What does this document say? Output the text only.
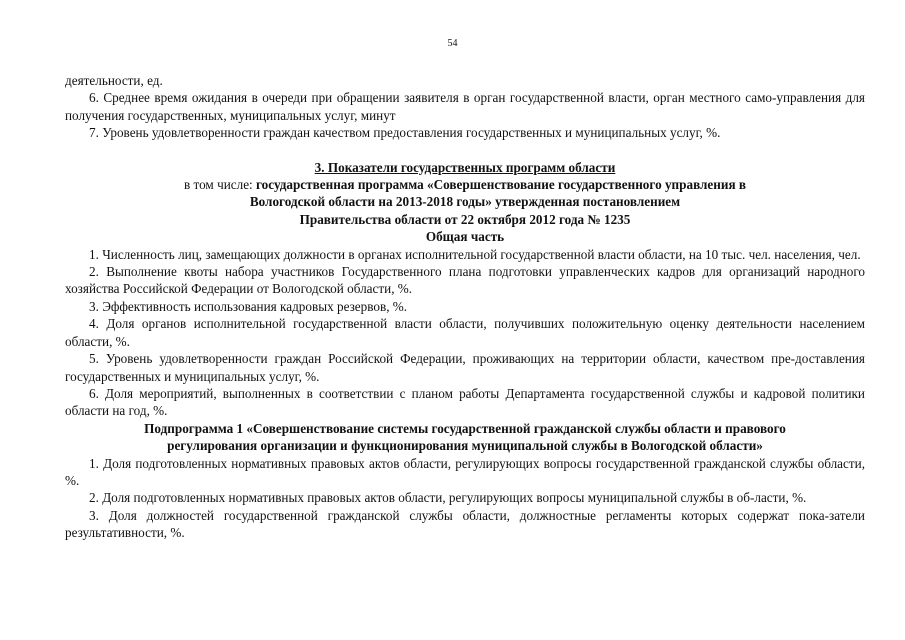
54

деятельности, ед.

6. Среднее время ожидания в очереди при обращении заявителя в орган государственной власти, орган местного само-управления для получения государственных, муниципальных услуг, минут

7. Уровень удовлетворенности граждан качеством предоставления государственных и муниципальных услуг, %.

3. Показатели государственных программ области

в том числе: государственная программа «Совершенствование государственного управления в

Вологодской области на 2013-2018 годы» утвержденная постановлением

Правительства области от 22 октября 2012 года № 1235

Общая часть

1. Численность лиц, замещающих должности в органах исполнительной государственной власти области, на 10 тыс. чел. населения, чел.

2. Выполнение квоты набора участников Государственного плана подготовки управленческих кадров для организаций народного хозяйства Российской Федерации от Вологодской области, %.

3. Эффективность использования кадровых резервов, %.

4. Доля органов исполнительной государственной власти области, получивших положительную оценку деятельности населением области, %.

5. Уровень удовлетворенности граждан Российской Федерации, проживающих на территории области, качеством пре-доставления государственных и муниципальных услуг, %.

6. Доля мероприятий, выполненных в соответствии с планом работы Департамента государственной службы и кадровой политики области на год, %.

Подпрограмма 1 «Совершенствование системы государственной гражданской службы области и правового

регулирования организации и функционирования муниципальной службы в Вологодской области»

1. Доля подготовленных нормативных правовых актов области, регулирующих вопросы государственной гражданской службы области, %.

2. Доля подготовленных нормативных правовых актов области, регулирующих вопросы муниципальной службы в об-ласти, %.

3. Доля должностей государственной гражданской службы области, должностные регламенты которых содержат пока-затели результативности, %.
